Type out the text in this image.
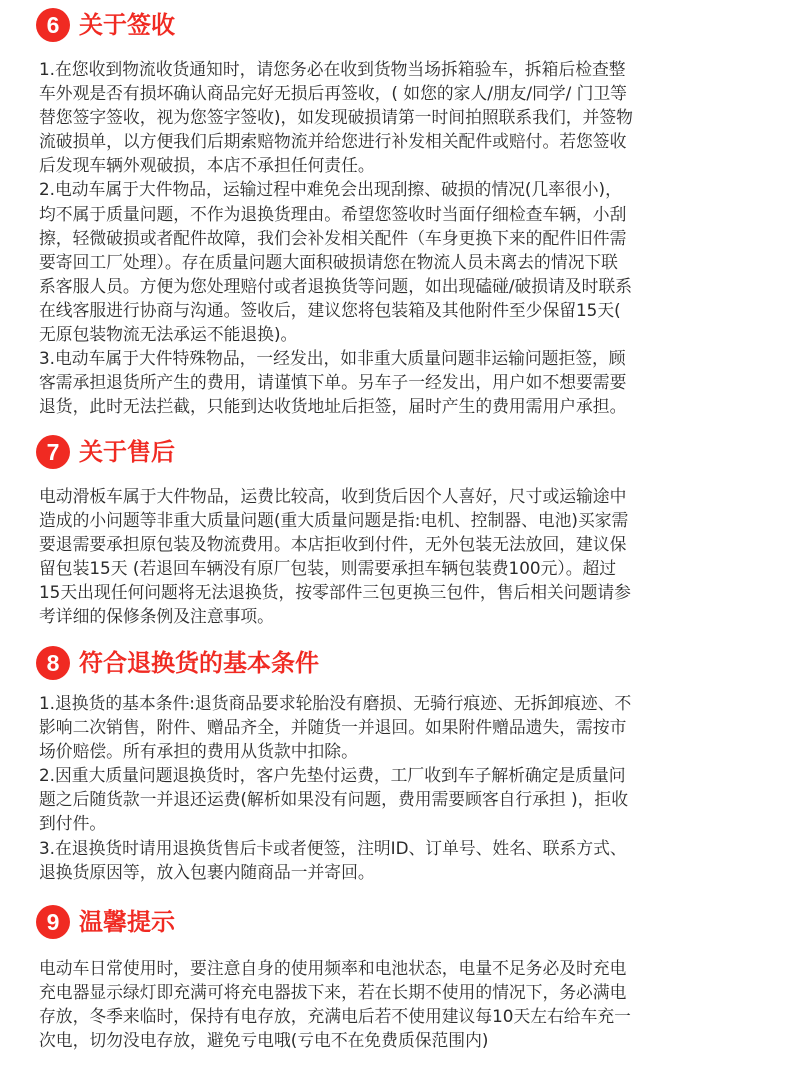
6 关于签收
1.在您收到物流收货通知时，请您务必在收到货物当场拆箱验车，拆箱后检查整
车外观是否有损坏确认商品完好无损后再签收，( 如您的家人/朋友/同学/ 门卫等
替您签字签收，视为您签字签收)，如发现破损请第一时间拍照联系我们，并签物
流破损单，以方便我们后期索赔物流并给您进行补发相关配件或赔付。若您签收
后发现车辆外观破损，本店不承担任何责任。
2.电动车属于大件物品，运输过程中难免会出现刮擦、破损的情况(几率很小)，
均不属于质量问题，不作为退换货理由。希望您签收时当面仔细检查车辆，小刮
擦，轻微破损或者配件故障，我们会补发相关配件（车身更换下来的配件旧件需
要寄回工厂处理）。存在质量问题大面积破损请您在物流人员未离去的情况下联
系客服人员。方便为您处理赔付或者退换货等问题，如出现磕碰/破损请及时联系
在线客服进行协商与沟通。签收后，建议您将包装箱及其他附件至少保留15天(
无原包装物流无法承运不能退换)。
3.电动车属于大件特殊物品，一经发出，如非重大质量问题非运输问题拒签，顾
客需承担退货所产生的费用，请谨慎下单。另车子一经发出，用户如不想要需要
退货，此时无法拦截，只能到达收货地址后拒签，届时产生的费用需用户承担。
7 关于售后
电动滑板车属于大件物品，运费比较高，收到货后因个人喜好，尺寸或运输途中
造成的小问题等非重大质量问题(重大质量问题是指:电机、控制器、电池)买家需
要退需要承担原包装及物流费用。本店拒收到付件，无外包装无法放回，建议保
留包装15天 (若退回车辆没有原厂包装，则需要承担车辆包装费100元）。超过
15天出现任何问题将无法退换货，按零部件三包更换三包件，售后相关问题请参
考详细的保修条例及注意事项。
8 符合退换货的基本条件
1.退换货的基本条件:退货商品要求轮胎没有磨损、无骑行痕迹、无拆卸痕迹、不
影响二次销售，附件、赠品齐全，并随货一并退回。如果附件赠品遗失，需按市
场价赔偿。所有承担的费用从货款中扣除。
2.因重大质量问题退换货时，客户先垫付运费，工厂收到车子解析确定是质量问
题之后随货款一并退还运费(解析如果没有问题，费用需要顾客自行承担 )，拒收
到付件。
3.在退换货时请用退换货售后卡或者便签，注明ID、订单号、姓名、联系方式、
退换货原因等，放入包裹内随商品一并寄回。
9 温馨提示
电动车日常使用时，要注意自身的使用频率和电池状态，电量不足务必及时充电
充电器显示绿灯即充满可将充电器拔下来，若在长期不使用的情况下，务必满电
存放，冬季来临时，保持有电存放，充满电后若不使用建议每10天左右给车充一
次电，切勿没电存放，避免亏电哦(亏电不在免费质保范围内)
